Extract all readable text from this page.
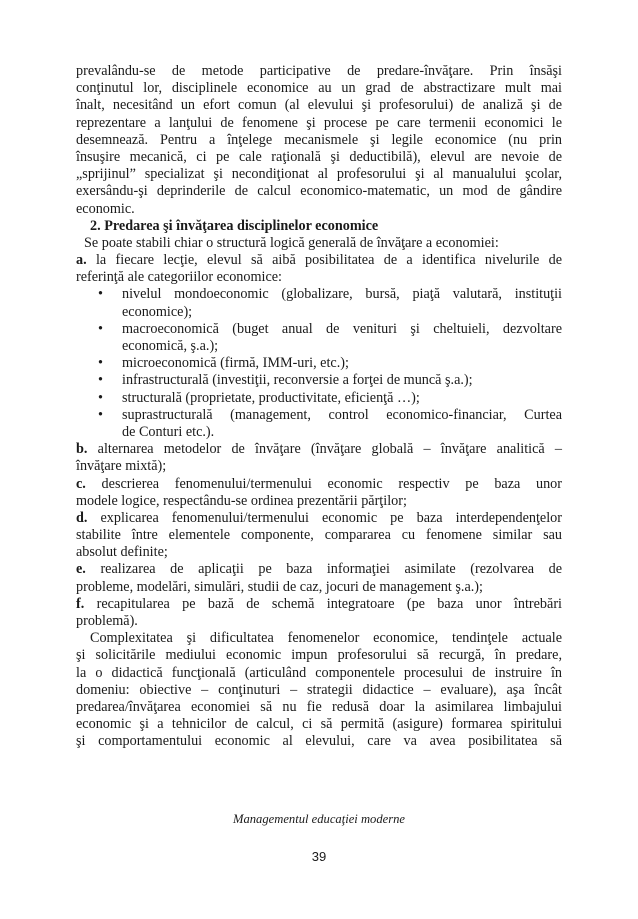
prevalându-se de metode participative de predare-învăţare. Prin însăşi
conţinutul lor, disciplinele economice au un grad de abstractizare mult mai
înalt, necesitând un efort comun (al elevului şi profesorului) de analiză şi de
reprezentare a lanţului de fenomene şi procese pe care termenii economici le
desemnează. Pentru a înţelege mecanismele şi legile economice (nu prin
însuşire mecanică, ci pe cale raţională şi deductibilă), elevul are nevoie de
„sprijinul” specializat şi necondiţionat al profesorului şi al manualului şcolar,
exersându-şi deprinderile de calcul economico-matematic, un mod de gândire
economic.
2. Predarea şi învăţarea disciplinelor economice
Se poate stabili chiar o structură logică generală de învăţare a economiei:
a. la fiecare lecţie, elevul să aibă posibilitatea de a identifica nivelurile de
referinţă ale categoriilor economice:
• nivelul mondoeconomic (globalizare, bursă, piaţă valutară, instituţii
economice);
• macroeconomică (buget anual de venituri şi cheltuieli, dezvoltare
economică, ş.a.);
• microeconomică (firmă, IMM-uri, etc.);
• infrastructurală (investiţii, reconversie a forţei de muncă ş.a.);
• structurală (proprietate, productivitate, eficienţă …);
• suprastructurală (management, control economico-financiar, Curtea
de Conturi etc.).
b. alternarea metodelor de învăţare (învăţare globală – învăţare analitică –
învăţare mixtă);
c. descrierea fenomenului/termenului economic respectiv pe baza unor
modele logice, respectându-se ordinea prezentării părţilor;
d. explicarea fenomenului/termenului economic pe baza interdependenţelor
stabilite între elementele componente, compararea cu fenomene similar sau
absolut definite;
e. realizarea de aplicaţii pe baza informaţiei asimilate (rezolvarea de
probleme, modelări, simulări, studii de caz, jocuri de management ş.a.);
f. recapitularea pe bază de schemă integratoare (pe baza unor întrebări
problemă).
Complexitatea şi dificultatea fenomenelor economice, tendinţele actuale
şi solicitările mediului economic impun profesorului să recurgă, în predare,
la o didactică funcţională (articulând componentele procesului de instruire în
domeniu: obiective – conţinuturi – strategii didactice – evaluare), aşa încât
predarea/învăţarea economiei să nu fie redusă doar la asimilarea limbajului
economic şi a tehnicilor de calcul, ci să permită (asigure) formarea spiritului
şi comportamentului economic al elevului, care va avea posibilitatea să
Managementul educaţiei moderne
39
